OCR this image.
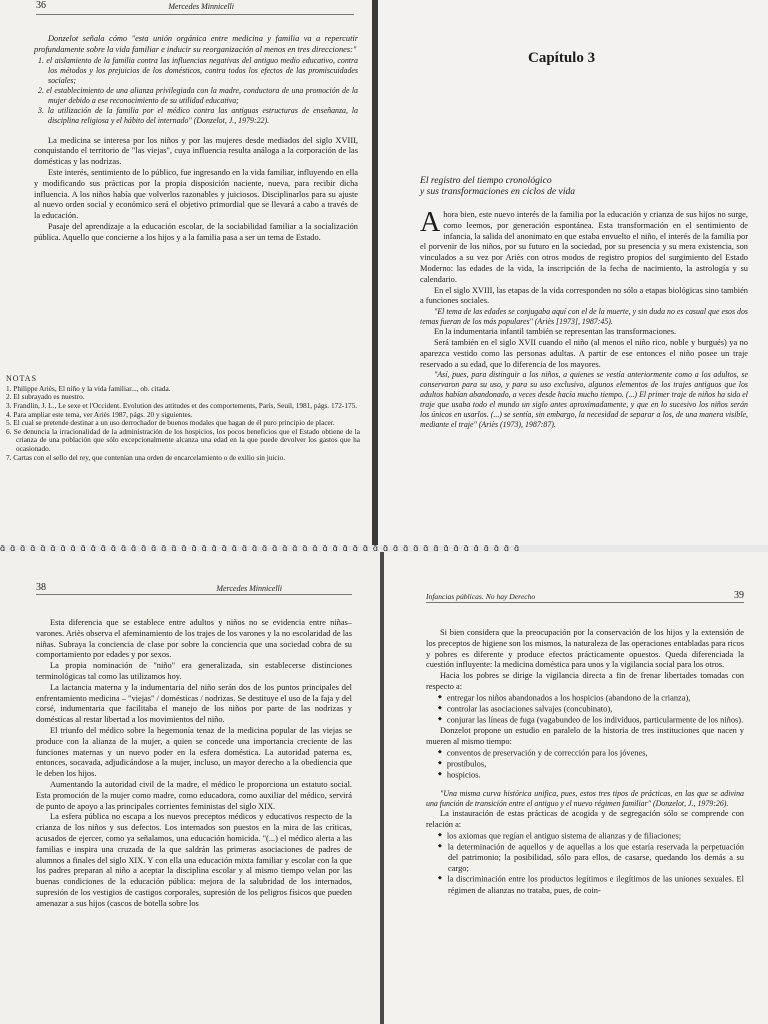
36	Mercedes Minnicelli

Donzelot señala cómo "esta unión orgánica entre medicina y familia va a repercutir profundamente sobre la vida familiar e inducir su reorganización al menos en tres direcciones:"

1. el aislamiento de la familia contra las influencias negativas del antiguo medio educativo, contra los métodos y los prejuicios de los domésticos, contra todos los efectos de las promiscuidades sociales;
2. el establecimiento de una alianza privilegiada con la madre, conductora de una promoción de la mujer debido a ese reconocimiento de su utilidad educativa;
3. la utilización de la familia por el médico contra las antiguas estructuras de enseñanza, la disciplina religiosa y el hábito del internado" (Donzelot, J., 1979:22).

La medicina se interesa por los niños y por las mujeres desde mediados del siglo XVIII, conquistando el territorio de "las viejas", cuya influencia resulta análoga a la corporación de las domésticas y las nodrizas.

Este interés, sentimiento de lo público, fue ingresando en la vida familiar, influyendo en ella y modificando sus prácticas por la propia disposición naciente, nueva, para recibir dicha influencia. A los niños había que volverlos razonables y juiciosos. Disciplinarlos para su ajuste al nuevo orden social y económico será el objetivo primordial que se llevará a cabo a través de la educación.

Pasaje del aprendizaje a la educación escolar, de la sociabilidad familiar a la socialización pública. Aquello que concierne a los hijos y a la familia pasa a ser un tema de Estado.

NOTAS

1. Philippe Ariès, El niño y la vida familiar..., ob. citada.
2. El subrayado es nuestro.
3. Frandlin, J. L., Le sexe et l'Occident. Evolution des attitudes et des comportements, París, Seuil, 1981, págs. 172-175.
4. Para ampliar este tema, ver Ariès 1987, págs. 20 y siguientes.
5. El cual se pretende destinar a un uso derrochador de buenos modales que hagan de él puro principio de placer.
6. Se denuncia la irracionalidad de la administración de los hospicios, los pocos beneficios que el Estado obtiene de la crianza de una población que sólo excepcionalmente alcanza una edad en la que puede devolver los gastos que ha ocasionado.
7. Cartas con el sello del rey, que contenían una orden de encarcelamiento o de exilio sin juicio.
Capítulo 3
El registro del tiempo cronológico
y sus transformaciones en ciclos de vida
Ahora bien, este nuevo interés de la familia por la educación y crianza de sus hijos no surge, como leemos, por generación espontánea. Esta transformación en el sentimiento de infancia, la salida del anonimato en que estaba envuelto el niño, el interés de la familia por el porvenir de los niños, por su futuro en la sociedad, por su presencia y su mera existencia, son vinculados a su vez por Ariès con otros modos de registro propios del surgimiento del Estado Moderno: las edades de la vida, la inscripción de la fecha de nacimiento, la astrología y su calendario.

En el siglo XVIII, las etapas de la vida corresponden no sólo a etapas biológicas sino también a funciones sociales.

"El tema de las edades se conjugaba aquí con el de la muerte, y sin duda no es casual que esos dos temas fueran de los más populares" (Ariès [1973], 1987:45).

En la indumentaria infantil también se representan las transformaciones.

Será también en el siglo XVII cuando el niño (al menos el niño rico, noble y burgués) ya no aparezca vestido como las personas adultas. A partir de ese entonces el niño posee un traje reservado a su edad, que lo diferencia de los mayores.

"Así, pues, para distinguir a los niños, a quienes se vestía anteriormente como a los adultos, se conservaron para su uso, y para su uso exclusivo, algunos elementos de los trajes antiguos que los adultos habían abandonado, a veces desde hacía mucho tiempo. (...) El primer traje de niños ha sido el traje que usaba todo el mundo un siglo antes aproximadamente, y que en lo sucesivo los niños serán los únicos en usarlos. (...) se sentía, sin embargo, la necesidad de separar a los, de una manera visible, mediante el traje" (Ariès (1973), 1987:87).

ɑ̃ɑ̃ɑ̃ɑ̃ɑ̃ɑ̃ɑ̃ɑ̃ɑ̃ɑ̃ɑ̃ɑ̃ɑ̃ɑ̃ɑ̃ɑ̃ɑ̃ɑ̃ɑ̃ɑ̃ɑ̃ɑ̃ɑ̃ɑ̃ɑ̃ɑ̃ɑ̃ɑ̃ɑ̃ɑ̃ɑ̃ɑ̃ɑ̃ɑ̃ɑ̃ɑ̃ɑ̃ɑ̃ɑ̃ɑ̃ɑ̃ɑ̃ɑ̃ɑ̃ɑ̃ɑ̃ɑ̃ɑ̃ɑ̃ɑ̃ɑ̃ɑ̃
38	Mercedes Minnicelli

Esta diferencia que se establece entre adultos y niños no se evidencia entre niñas–varones. Ariès observa el afeminamiento de los trajes de los varones y la no escolaridad de las niñas. Subraya la conciencia de clase por sobre la conciencia que una sociedad cobra de su comportamiento por edades y por sexos.

La propia nominación de "niño" era generalizada, sin establecerse distinciones terminológicas tal como las utilizamos hoy.

La lactancia materna y la indumentaria del niño serán dos de los puntos principales del enfrentamiento medicina – "viejas" / domésticas / nodrizas. Se destituye el uso de la faja y del corsé, indumentaria que facilitaba el manejo de los niños por parte de las nodrizas y domésticas al restar libertad a los movimientos del niño.

El triunfo del médico sobre la hegemonía tenaz de la medicina popular de las viejas se produce con la alianza de la mujer, a quien se concede una importancia creciente de las funciones maternas y un nuevo poder en la esfera doméstica. La autoridad paterna es, entonces, socavada, adjudicándose a la mujer, incluso, un mayor derecho a la obediencia que le deben los hijos.

Aumentando la autoridad civil de la madre, el médico le proporciona un estatuto social. Esta promoción de la mujer como madre, como educadora, como auxiliar del médico, servirá de punto de apoyo a las principales corrientes feministas del siglo XIX.

La esfera pública no escapa a los nuevos preceptos médicos y educativos respecto de la crianza de los niños y sus defectos. Los internados son puestos en la mira de las críticas, acusados de ejercer, como ya señalamos, una educación homicida. "(...) el médico alerta a las familias e inspira una cruzada de la que saldrán las primeras asociaciones de padres de alumnos a finales del siglo XIX. Y con ella una educación mixta familiar y escolar con la que los padres preparan al niño a aceptar la disciplina escolar y al mismo tiempo velan por las buenas condiciones de la educación pública: mejora de la salubridad de los internados, supresión de los vestigios de castigos corporales, supresión de los peligros físicos que pueden amenazar a sus hijos (cascos de botella sobre los

Infancias públicas. No hay Derecho	39

Si bien considera que la preocupación por la conservación de los hijos y la extensión de los preceptos de higiene son los mismos, la naturaleza de las operaciones entabladas para ricos y pobres es diferente y produce efectos prácticamente opuestos. Queda diferenciada la cuestión influyente: la medicina doméstica para unos y la vigilancia social para los otros.

Hacia los pobres se dirige la vigilancia directa a fin de frenar libertades tomadas con respecto a:

◆ entregar los niños abandonados a los hospicios (abandono de la crianza),
◆ controlar las asociaciones salvajes (concubinato),
◆ conjurar las líneas de fuga (vagabundeo de los individuos, particularmente de los niños).

Donzelot propone un estudio en paralelo de la historia de tres instituciones que nacen y mueren al mismo tiempo:

◆ conventos de preservación y de corrección para los jóvenes,
◆ prostíbulos,
◆ hospicios.

"Una misma curva histórica unifica, pues, estos tres tipos de prácticas, en las que se adivina una función de transición entre el antiguo y el nuevo régimen familiar" (Donzelot, J., 1979:26).

La instauración de estas prácticas de acogida y de segregación sólo se comprende con relación a:

◆ los axiomas que regían el antiguo sistema de alianzas y de filiaciones;
◆ la determinación de aquellos y de aquellas a los que estaría reservada la perpetuación del patrimonio; la posibilidad, sólo para ellos, de casarse, quedando los demás a su cargo;
◆ la discriminación entre los productos legítimos e ilegítimos de las uniones sexuales. El régimen de alianzas no trataba, pues, de coin-
